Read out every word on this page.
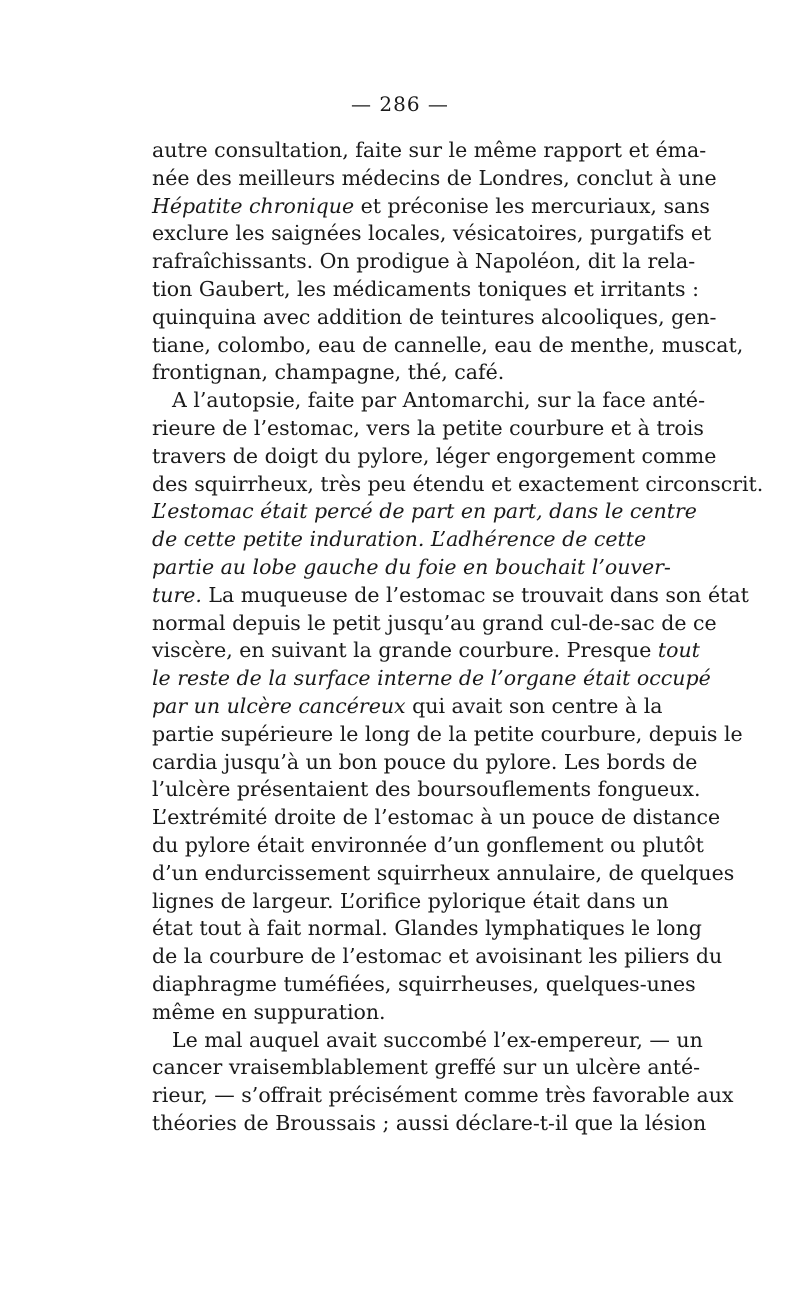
— 286 —
autre consultation, faite sur le même rapport et éma-
née des meilleurs médecins de Londres, conclut à une
Hépatite chronique et préconise les mercuriaux, sans
exclure les saignées locales, vésicatoires, purgatifs et
rafraîchissants. On prodigue à Napoléon, dit la rela-
tion Gaubert, les médicaments toniques et irritants :
quinquina avec addition de teintures alcooliques, gen-
tiane, colombo, eau de cannelle, eau de menthe, muscat,
frontignan, champagne, thé, café.
A l’autopsie, faite par Antomarchi, sur la face anté-
rieure de l’estomac, vers la petite courbure et à trois
travers de doigt du pylore, léger engorgement comme
des squirrheux, très peu étendu et exactement circonscrit.
L’estomac était percé de part en part, dans le centre
de cette petite induration. L’adhérence de cette
partie au lobe gauche du foie en bouchait l’ouver-
ture. La muqueuse de l’estomac se trouvait dans son état
normal depuis le petit jusqu’au grand cul-de-sac de ce
viscère, en suivant la grande courbure. Presque tout
le reste de la surface interne de l’organe était occupé
par un ulcère cancéreux qui avait son centre à la
partie supérieure le long de la petite courbure, depuis le
cardia jusqu’à un bon pouce du pylore. Les bords de
l’ulcère présentaient des boursouflements fongueux.
L’extrémité droite de l’estomac à un pouce de distance
du pylore était environnée d’un gonflement ou plutôt
d’un endurcissement squirrheux annulaire, de quelques
lignes de largeur. L’orifice pylorique était dans un
état tout à fait normal. Glandes lymphatiques le long
de la courbure de l’estomac et avoisinant les piliers du
diaphragme tuméfiées, squirrheuses, quelques-unes
même en suppuration.
Le mal auquel avait succombé l’ex-empereur, — un
cancer vraisemblablement greffé sur un ulcère anté-
rieur, — s’offrait précisément comme très favorable aux
théories de Broussais ; aussi déclare-t-il que la lésion
